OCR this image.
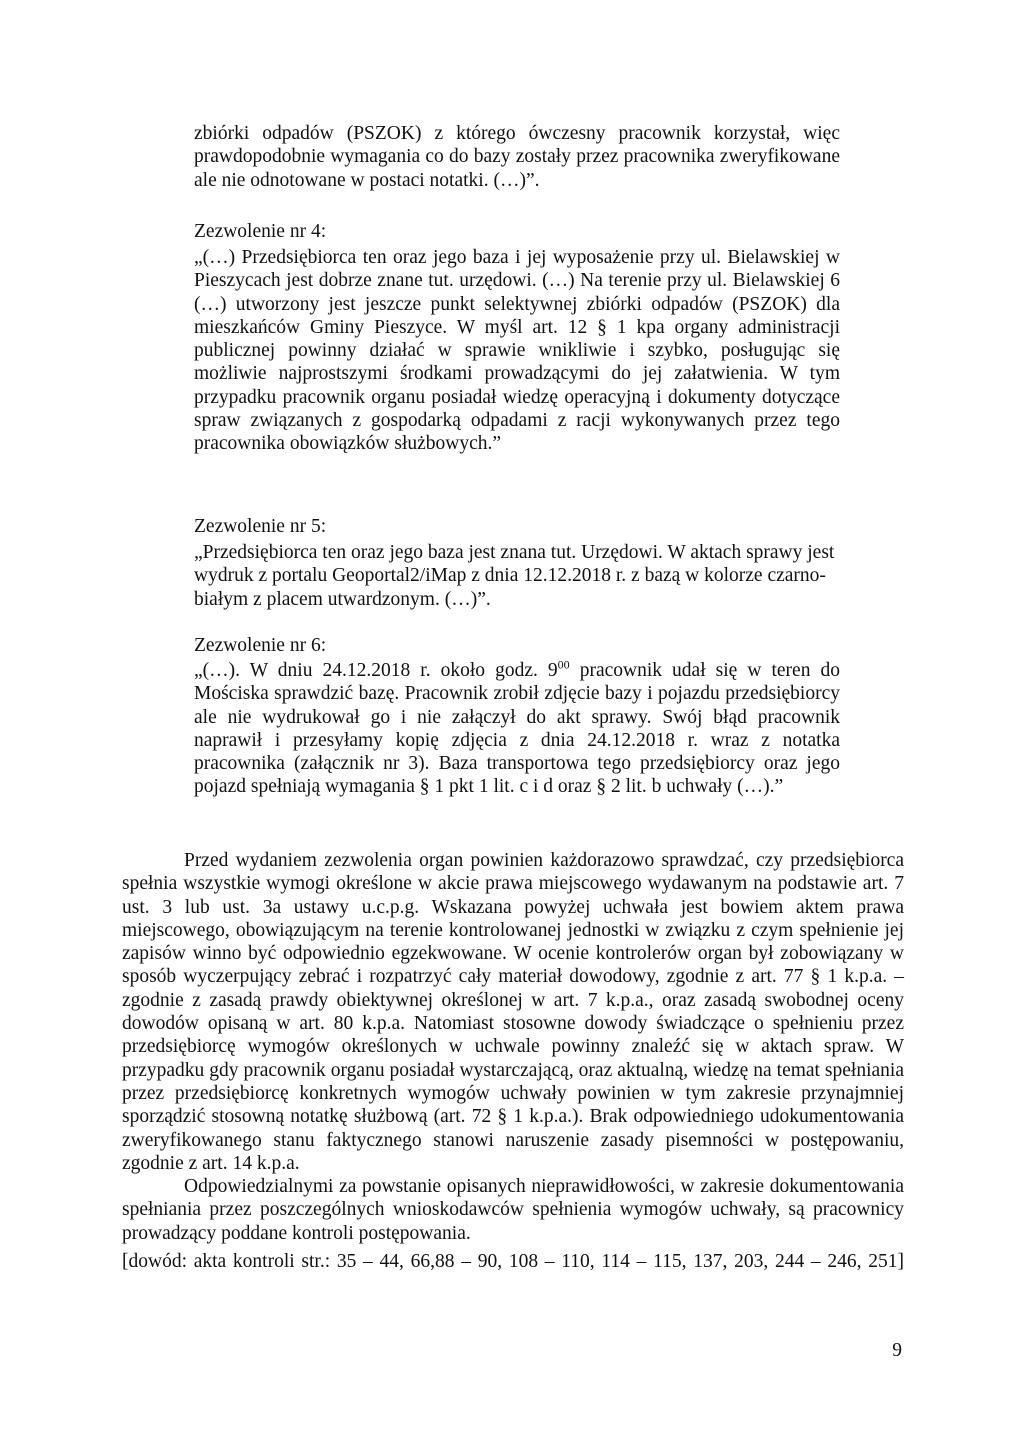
zbiórki odpadów (PSZOK) z którego ówczesny pracownik korzystał, więc prawdopodobnie wymagania co do bazy zostały przez pracownika zweryfikowane ale nie odnotowane w postaci notatki. (…)”.
Zezwolenie nr 4:
„(…) Przedsiębiorca ten oraz jego baza i jej wyposażenie przy ul. Bielawskiej w Pieszycach jest dobrze znane tut. urzędowi. (…) Na terenie przy ul. Bielawskiej 6 (…) utworzony jest jeszcze punkt selektywnej zbiórki odpadów (PSZOK) dla mieszkańców Gminy Pieszyce. W myśl art. 12 § 1 kpa organy administracji publicznej powinny działać w sprawie wnikliwie i szybko, posługując się możliwie najprostszymi środkami prowadzącymi do jej załatwienia. W tym przypadku pracownik organu posiadał wiedzę operacyjną i dokumenty dotyczące spraw związanych z gospodarką odpadami z racji wykonywanych przez tego pracownika obowiązków służbowych.”
Zezwolenie nr 5:
„Przedsiębiorca ten oraz jego baza jest znana tut. Urzędowi. W aktach sprawy jest wydruk z portalu Geoportal2/iMap z dnia 12.12.2018 r. z bazą w kolorze czarno-białym z placem utwardzonym. (…)”.
Zezwolenie nr 6:
„(…). W dniu 24.12.2018 r. około godz. $9^{00}$ pracownik udał się w teren do Mościska sprawdzić bazę. Pracownik zrobił zdjęcie bazy i pojazdu przedsiębiorcy ale nie wydrukował go i nie załączył do akt sprawy. Swój błąd pracownik naprawił i przesyłamy kopię zdjęcia z dnia 24.12.2018 r. wraz z notatka pracownika (załącznik nr 3). Baza transportowa tego przedsiębiorcy oraz jego pojazd spełniają wymagania § 1 pkt 1 lit. c i d oraz § 2 lit. b uchwały (…).”

Przed wydaniem zezwolenia organ powinien każdorazowo sprawdzać, czy przedsiębiorca spełnia wszystkie wymogi określone w akcie prawa miejscowego wydawanym na podstawie art. 7 ust. 3 lub ust. 3a ustawy u.c.p.g. Wskazana powyżej uchwała jest bowiem aktem prawa miejscowego, obowiązującym na terenie kontrolowanej jednostki w związku z czym spełnienie jej zapisów winno być odpowiednio egzekwowane. W ocenie kontrolerów organ był zobowiązany w sposób wyczerpujący zebrać i rozpatrzyć cały materiał dowodowy, zgodnie z art. 77 § 1 k.p.a. – zgodnie z zasadą prawdy obiektywnej określonej w art. 7 k.p.a., oraz zasadą swobodnej oceny dowodów opisaną w art. 80 k.p.a. Natomiast stosowne dowody świadczące o spełnieniu przez przedsiębiorcę wymogów określonych w uchwale powinny znaleźć się w aktach spraw. W przypadku gdy pracownik organu posiadał wystarczającą, oraz aktualną, wiedzę na temat spełniania przez przedsiębiorcę konkretnych wymogów uchwały powinien w tym zakresie przynajmniej sporządzić stosowną notatkę służbową (art. 72 § 1 k.p.a.). Brak odpowiedniego udokumentowania zweryfikowanego stanu faktycznego stanowi naruszenie zasady pisemności w postępowaniu, zgodnie z art. 14 k.p.a.

Odpowiedzialnymi za powstanie opisanych nieprawidłowości, w zakresie dokumentowania spełniania przez poszczególnych wnioskodawców spełnienia wymogów uchwały, są pracownicy prowadzący poddane kontroli postępowania.

[dowód: akta kontroli str.: 35 – 44, 66,88 – 90, 108 – 110, 114 – 115, 137, 203, 244 – 246, 251]
9
